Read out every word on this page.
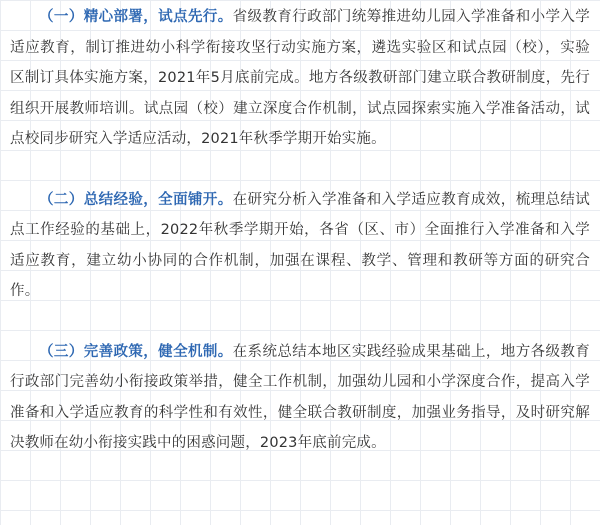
（一）精心部署，试点先行。省级教育行政部门统筹推进幼儿园入学准备和小学入学适应教育，制订推进幼小科学衔接攻坚行动实施方案，遴选实验区和试点园（校），实验区制订具体实施方案，2021年5月底前完成。地方各级教研部门建立联合教研制度，先行组织开展教师培训。试点园（校）建立深度合作机制，试点园探索实施入学准备活动，试点校同步研究入学适应活动，2021年秋季学期开始实施。

（二）总结经验，全面铺开。在研究分析入学准备和入学适应教育成效，梳理总结试点工作经验的基础上，2022年秋季学期开始，各省（区、市）全面推行入学准备和入学适应教育，建立幼小协同的合作机制，加强在课程、教学、管理和教研等方面的研究合作。

（三）完善政策，健全机制。在系统总结本地区实践经验成果基础上，地方各级教育行政部门完善幼小衔接政策举措，健全工作机制，加强幼儿园和小学深度合作，提高入学准备和入学适应教育的科学性和有效性，健全联合教研制度，加强业务指导，及时研究解决教师在幼小衔接实践中的困惑问题，2023年底前完成。
